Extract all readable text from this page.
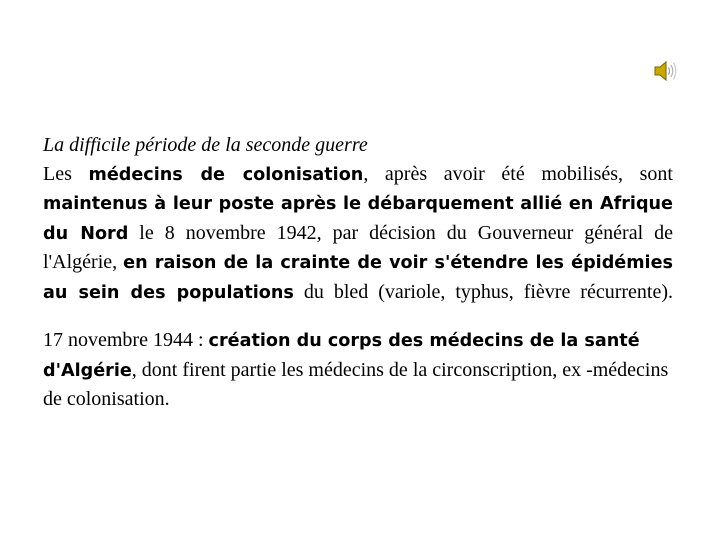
La difficile période de la seconde guerre

Les médecins de colonisation, après avoir été mobilisés, sont maintenus à leur poste après le débarquement allié en Afrique du Nord le 8 novembre 1942, par décision du Gouverneur général de l'Algérie, en raison de la crainte de voir s'étendre les épidémies au sein des populations du bled (variole, typhus, fièvre récurrente).

17 novembre 1944 : création du corps des médecins de la santé d'Algérie, dont firent partie les médecins de la circonscription, ex -médecins de colonisation.
